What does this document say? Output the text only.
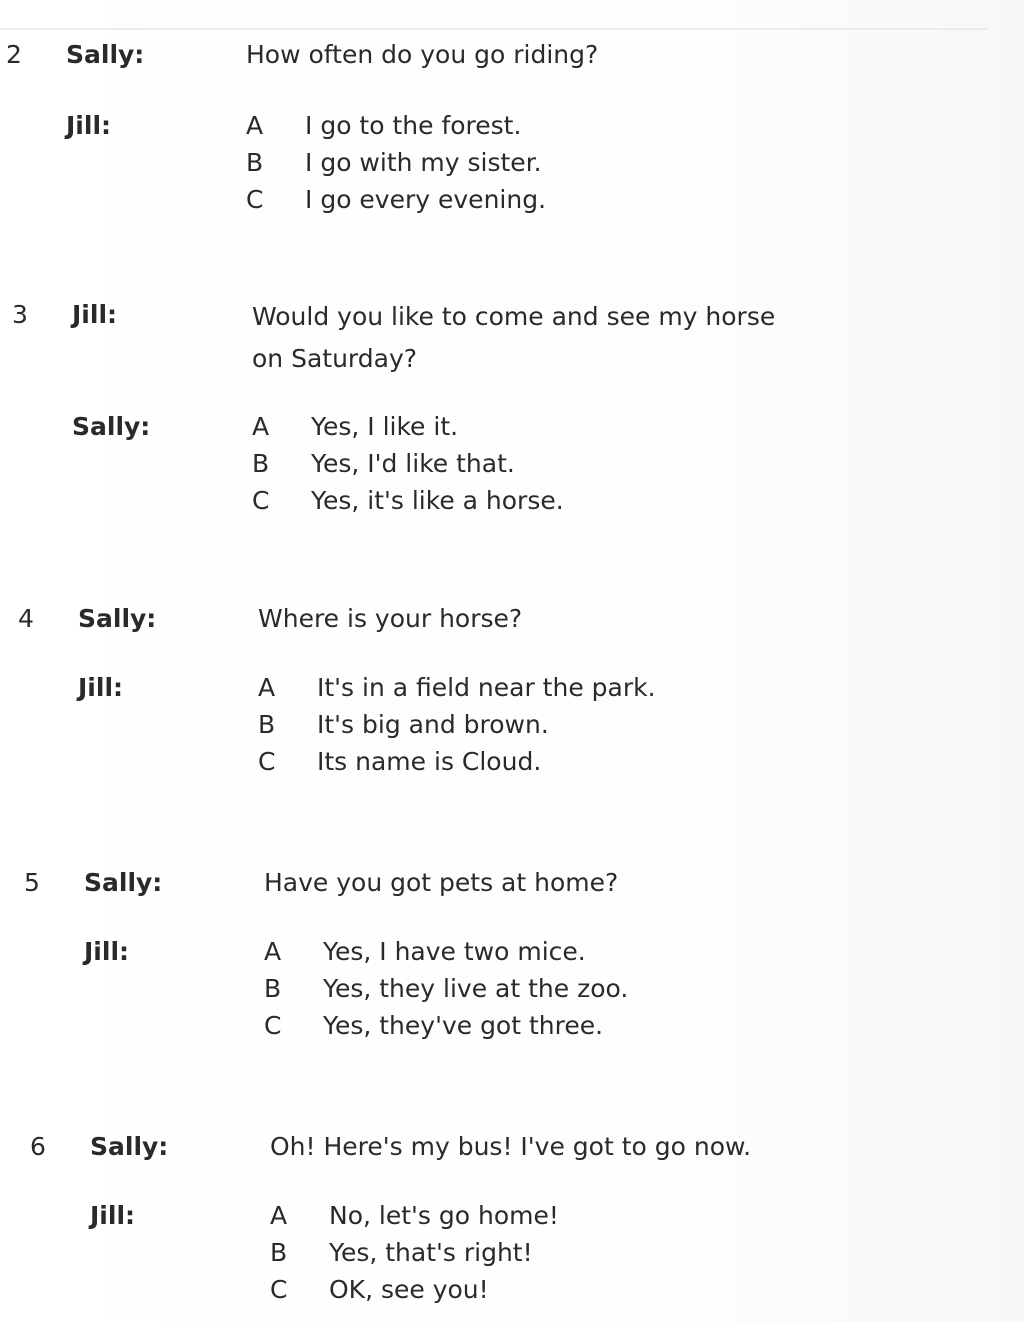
2 Sally:	How often do you go riding?
Jill:	A I go to the forest.
B I go with my sister.
C I go every evening.
3 Jill:	Would you like to come and see my horse on Saturday?
Sally:	A Yes, I like it.
B Yes, I'd like that.
C Yes, it's like a horse.
4 Sally:	Where is your horse?
Jill:	A It's in a field near the park.
B It's big and brown.
C Its name is Cloud.
5 Sally:	Have you got pets at home?
Jill:	A Yes, I have two mice.
B Yes, they live at the zoo.
C Yes, they've got three.
6 Sally:	Oh! Here's my bus! I've got to go now.
Jill:	A No, let's go home!
B Yes, that's right!
C OK, see you!
